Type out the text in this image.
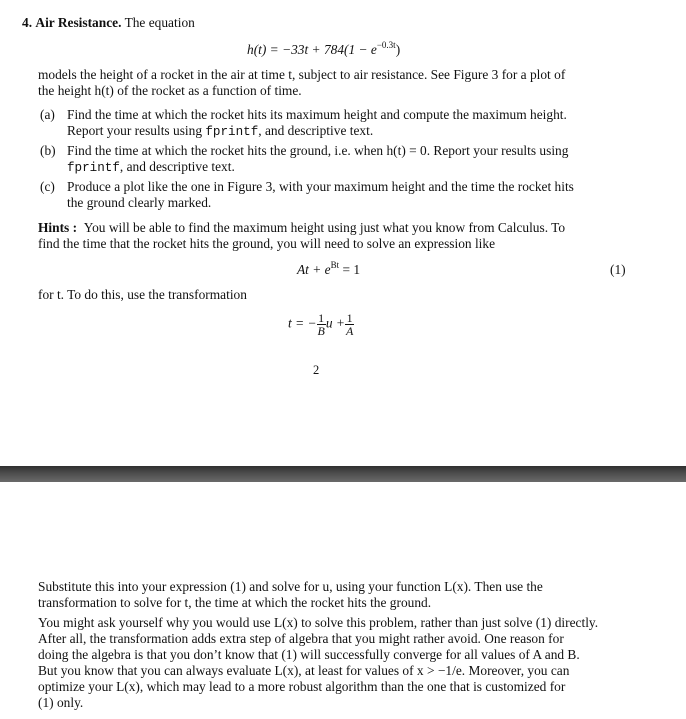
4. Air Resistance. The equation
$h(t) = -33t + 784(1 - e^{-0.3t})$
models the height of a rocket in the air at time t, subject to air resistance. See Figure 3 for a plot of
the height h(t) of the rocket as a function of time.
(a) Find the time at which the rocket hits its maximum height and compute the maximum height.
Report your results using fprintf, and descriptive text.
(b) Find the time at which the rocket hits the ground, i.e. when h(t) = 0. Report your results using
fprintf, and descriptive text.
(c) Produce a plot like the one in Figure 3, with your maximum height and the time the rocket hits
the ground clearly marked.
Hints : You will be able to find the maximum height using just what you know from Calculus. To
find the time that the rocket hits the ground, you will need to solve an expression like
$At + e^{Bt} = 1$	(1)
for t. To do this, use the transformation
t = − $\frac{1}{B}$ $u + \frac{1}{A}$
2
Substitute this into your expression (1) and solve for u, using your function L(x). Then use the
transformation to solve for t, the time at which the rocket hits the ground.
You might ask yourself why you would use L(x) to solve this problem, rather than just solve (1) directly.
After all, the transformation adds extra step of algebra that you might rather avoid. One reason for
doing the algebra is that you don’t know that (1) will successfully converge for all values of A and B.
But you know that you can always evaluate L(x), at least for values of x > −1/e. Moreover, you can
optimize your L(x), which may lead to a more robust algorithm than the one that is customized for
(1) only.
